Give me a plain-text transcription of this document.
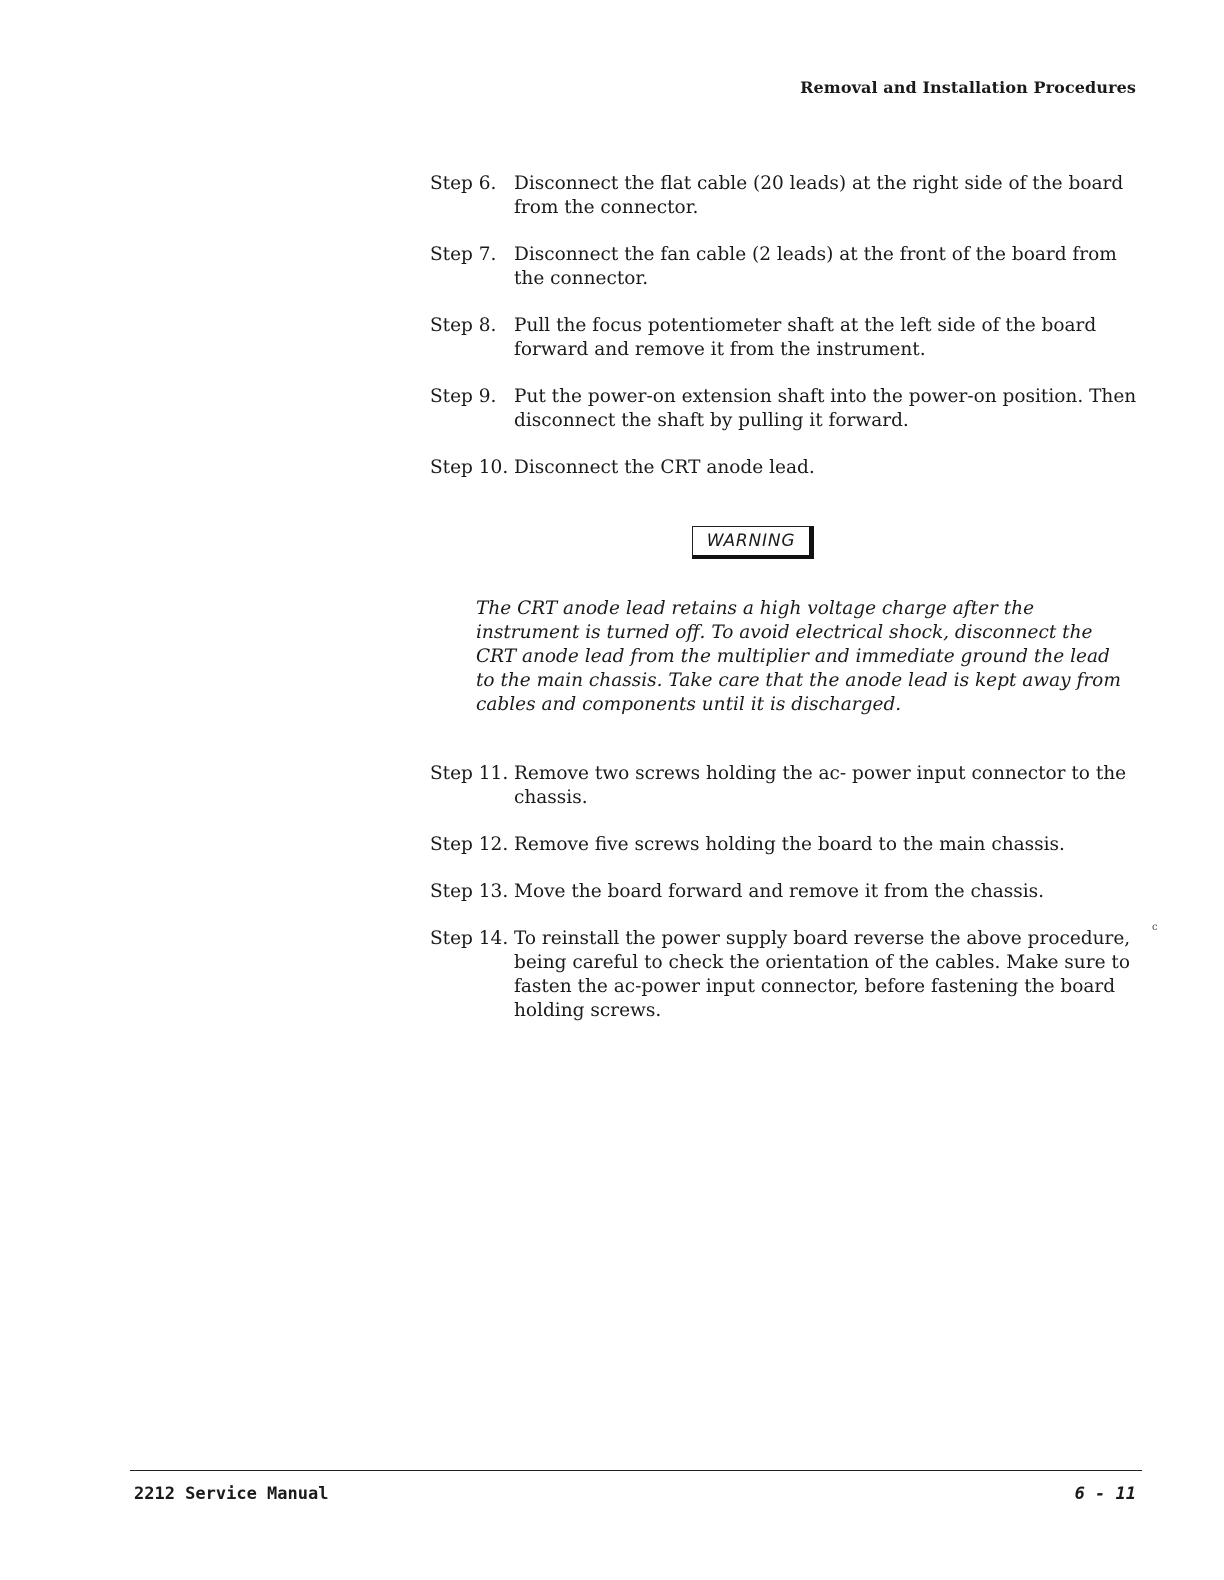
Removal and Installation Procedures
Step 6. Disconnect the flat cable (20 leads) at the right side of the board from the connector.
Step 7. Disconnect the fan cable (2 leads) at the front of the board from the connector.
Step 8. Pull the focus potentiometer shaft at the left side of the board forward and remove it from the instrument.
Step 9. Put the power-on extension shaft into the power-on position. Then disconnect the shaft by pulling it forward.
Step 10. Disconnect the CRT anode lead.
WARNING
The CRT anode lead retains a high voltage charge after the instrument is turned off. To avoid electrical shock, disconnect the CRT anode lead from the multiplier and immediate ground the lead to the main chassis. Take care that the anode lead is kept away from cables and components until it is discharged.
Step 11. Remove two screws holding the ac- power input connector to the chassis.
Step 12. Remove five screws holding the board to the main chassis.
Step 13. Move the board forward and remove it from the chassis.
Step 14. To reinstall the power supply board reverse the above procedure, being careful to check the orientation of the cables. Make sure to fasten the ac-power input connector, before fastening the board holding screws.
c
2212 Service Manual	6 - 11
